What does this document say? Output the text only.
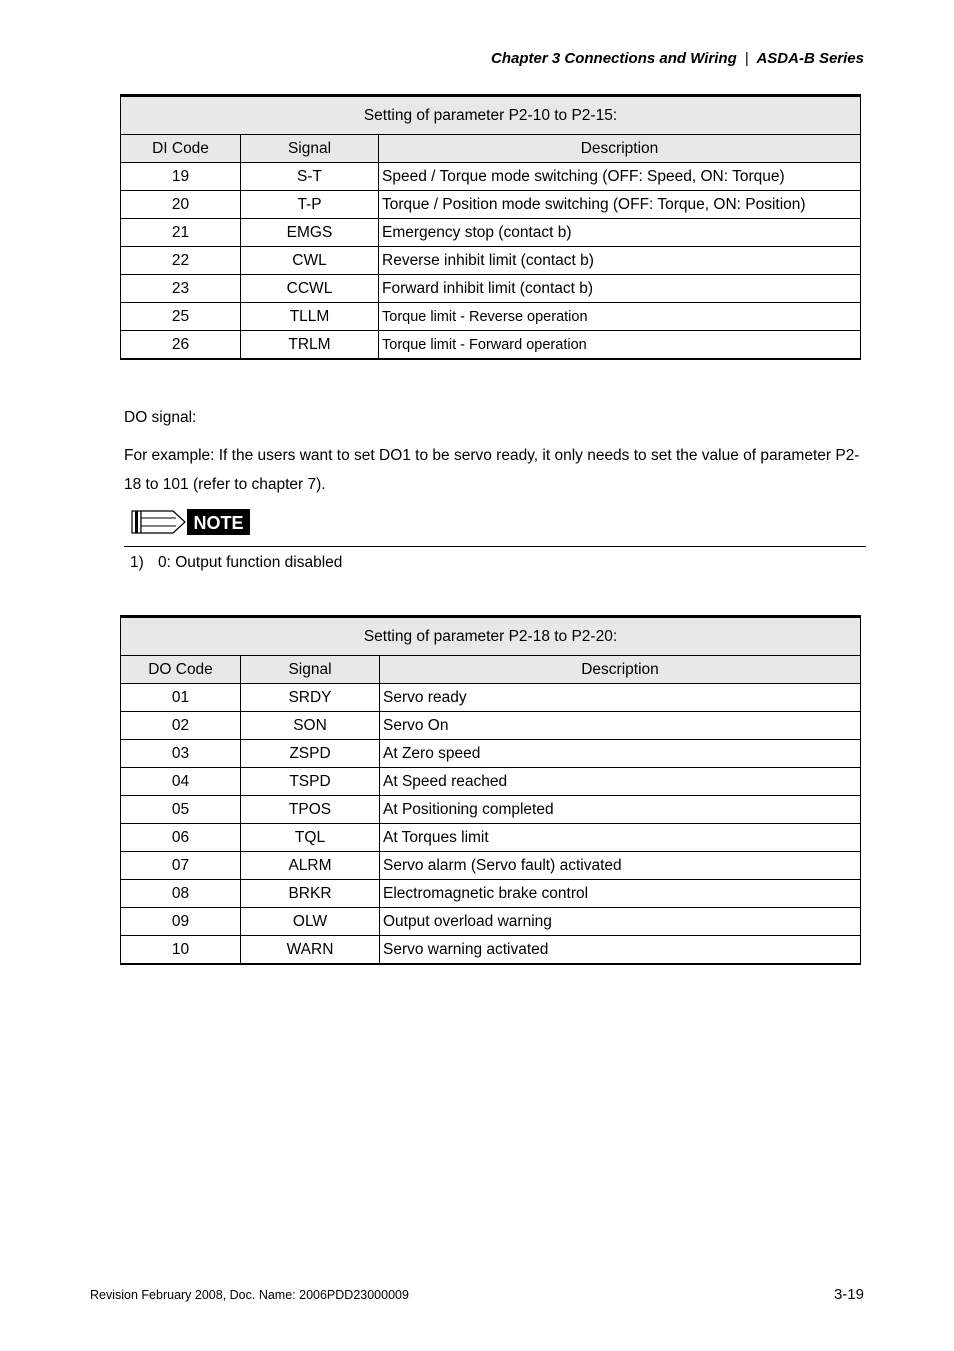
Chapter 3 Connections and Wiring | ASDA-B Series
Setting of parameter P2-10 to P2-15:		
DI Code	Signal	Description
19	S-T	Speed / Torque mode switching (OFF: Speed, ON: Torque)
20	T-P	Torque / Position mode switching (OFF: Torque, ON: Position)
21	EMGS	Emergency stop (contact b)
22	CWL	Reverse inhibit limit (contact b)
23	CCWL	Forward inhibit limit (contact b)
25	TLLM	Torque limit - Reverse operation
26	TRLM	Torque limit - Forward operation
DO signal:
For example: If the users want to set DO1 to be servo ready, it only needs to set the value of parameter P2-18 to 101 (refer to chapter 7).
NOTE
1) 0: Output function disabled
Setting of parameter P2-18 to P2-20:		
DO Code	Signal	Description
01	SRDY	Servo ready
02	SON	Servo On
03	ZSPD	At Zero speed
04	TSPD	At Speed reached
05	TPOS	At Positioning completed
06	TQL	At Torques limit
07	ALRM	Servo alarm (Servo fault) activated
08	BRKR	Electromagnetic brake control
09	OLW	Output overload warning
10	WARN	Servo warning activated
Revision February 2008, Doc. Name: 2006PDD23000009	3-19
